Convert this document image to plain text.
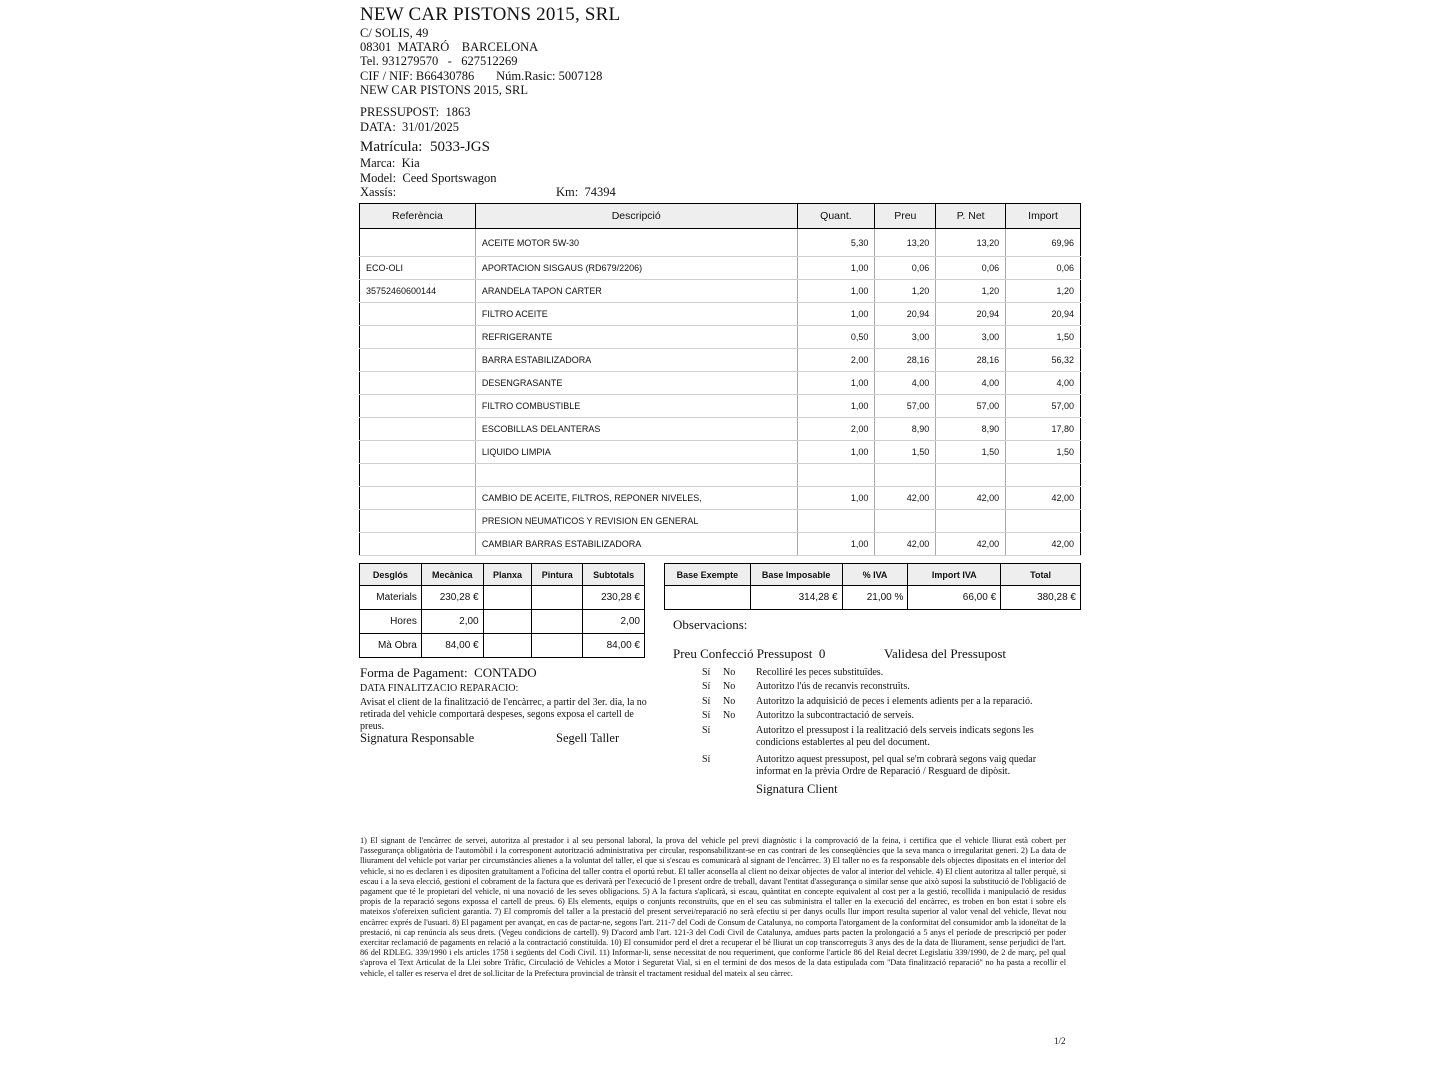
NEW CAR PISTONS 2015, SRL
C/ SOLIS, 49
08301  MATARÓ    BARCELONA
Tel. 931279570   -   627512269
CIF / NIF: B66430786       Núm.Rasic: 5007128
NEW CAR PISTONS 2015, SRL
PRESSUPOST:  1863
DATA:  31/01/2025
Matrícula:  5033-JGS
Marca:  Kia
Model:  Ceed Sportswagon
Xassís:	Km:  74394
Referència	Descripció	Quant.	Preu	P. Net	Import
	ACEITE MOTOR 5W-30	5,30	13,20	13,20	69,96
ECO-OLI	APORTACION SISGAUS (RD679/2206)	1,00	0,06	0,06	0,06
35752460600144	ARANDELA TAPON CARTER	1,00	1,20	1,20	1,20
	FILTRO ACEITE	1,00	20,94	20,94	20,94
	REFRIGERANTE	0,50	3,00	3,00	1,50
	BARRA ESTABILIZADORA	2,00	28,16	28,16	56,32
	DESENGRASANTE	1,00	4,00	4,00	4,00
	FILTRO COMBUSTIBLE	1,00	57,00	57,00	57,00
	ESCOBILLAS DELANTERAS	2,00	8,90	8,90	17,80
	LIQUIDO LIMPIA	1,00	1,50	1,50	1,50

	CAMBIO DE ACEITE, FILTROS, REPONER NIVELES,	1,00	42,00	42,00	42,00
	PRESION NEUMATICOS Y REVISION EN GENERAL				
	CAMBIAR BARRAS ESTABILIZADORA	1,00	42,00	42,00	42,00
Desglós	Mecànica	Planxa	Pintura	Subtotals
Materials	230,28 €			230,28 €
Hores	2,00			2,00
Mà Obra	84,00 €			84,00 €
Base Exempte	Base Imposable	% IVA	Import IVA	Total
	314,28 €	21,00 %	66,00 €	380,28 €
Observacions:
Preu Confecció Pressupost  0	Validesa del Pressupost
Forma de Pagament:  CONTADO
DATA FINALITZACIO REPARACIO:
Avisat el client de la finalització de l'encàrrec, a partir del 3er. dia, la no retirada del vehicle comportarà despeses, segons exposa el cartell de preus.
Signatura Responsable	Segell Taller
Sí No Recolliré les peces substituïdes.
Sí No Autoritzo l'ús de recanvis reconstruïts.
Sí No Autoritzo la adquisició de peces i elements adients per a la reparació.
Sí No Autoritzo la subcontractació de serveis.
Sí	Autoritzo el pressupost i la realització dels serveis indicats segons les condicions establertes al peu del document.
Sí	Autoritzo aquest pressupost, pel qual se'm cobrarà segons vaig quedar informat en la prèvia Ordre de Reparació / Resguard de dipòsit.
Signatura Client
1) El signant de l'encàrrec de servei, autoritza al prestador i al seu personal laboral, la prova del vehicle pel previ diagnòstic i la comprovació de la feina, i certifica que el vehicle lliurat està cobert per l'assegurança obligatòria de l'automòbil i la corresponent autorització administrativa per circular, responsabilitzant-se en cas contrari de les conseqüències que la seva manca o irregularitat generi. 2) La data de lliurament del vehicle pot variar per circumstàncies alienes a la voluntat del taller, el que si s'escau es comunicarà al signant de l'encàrrec. 3) El taller no es fa responsable dels objectes dipositats en el interior del vehicle, si no es declaren i es dipositen gratuïtament a l'oficina del taller contra el oportú rebut. El taller aconsella al client no deixar objectes de valor al interior del vehicle. 4) El client autoritza al taller perquè, si escau i a la seva elecció, gestioni el cobrament de la factura que es derivarà per l'execució de l present ordre de treball, davant l'entitat d'assegurança o similar sense que això suposi la substitució de l'obligació de pagament que té le propietari del vehicle, ni una novació de les seves obligacions. 5) A la factura s'aplicarà, si escau, quàntitat en concepte equivalent al cost per a la gestió, recollida i manipulació de residus propis de la reparació segons expossa el cartell de preus. 6) Els elements, equips o conjunts reconstruïts, que en el seu cas subministra el taller en la execució del encàrrec, es troben en bon estat i sobre els mateixos s'ofereixen suficient garantia. 7) El compromís del taller a la prestació del present servei/reparació no serà efectiu si per danys oculls llur import resulta superior al valor venal del vehicle, llevat nou encàrrec exprés de l'usuari. 8) El pagament per avançat, en cas de pactar-ne, segons l'art. 211-7 del Codi de Consum de Catalunya, no comporta l'atorgament de la conformitat del consumidor amb la idoneïtat de la prestació, ni cap renúncia als seus drets. (Vegeu condicions de cartell). 9) D'acord amb l'art. 121-3 del Codi Civil de Catalunya, amdues parts pacten la prolongació a 5 anys el període de prescripció per poder exercitar reclamació de pagaments en relació a la contractació constituïda. 10) El consumidor perd el dret a recuperar el bé lliurat un cop transcorreguts 3 anys des de la data de lliurament, sense perjudici de l'art. 86 del RDLEG. 339/1990 i els articles 1758 i següents del Codi Civil. 11) Informar-li, sense necessitat de nou requeriment, que conforme l'article 86 del Reial decret Legislatiu 339/1990, de 2 de març, pel qual s'aprova el Text Articulat de la Llei sobre Tràfic, Circulació de Vehicles a Motor i Seguretat Vial, si en el termini de dos mesos de la data estipulada com ''Data finalització reparació'' no ha pasta a recollir el vehicle, el taller es reserva el dret de sol.licitar de la Prefectura provincial de trànsit el tractament residual del mateix al seu càrrec.
1/2
